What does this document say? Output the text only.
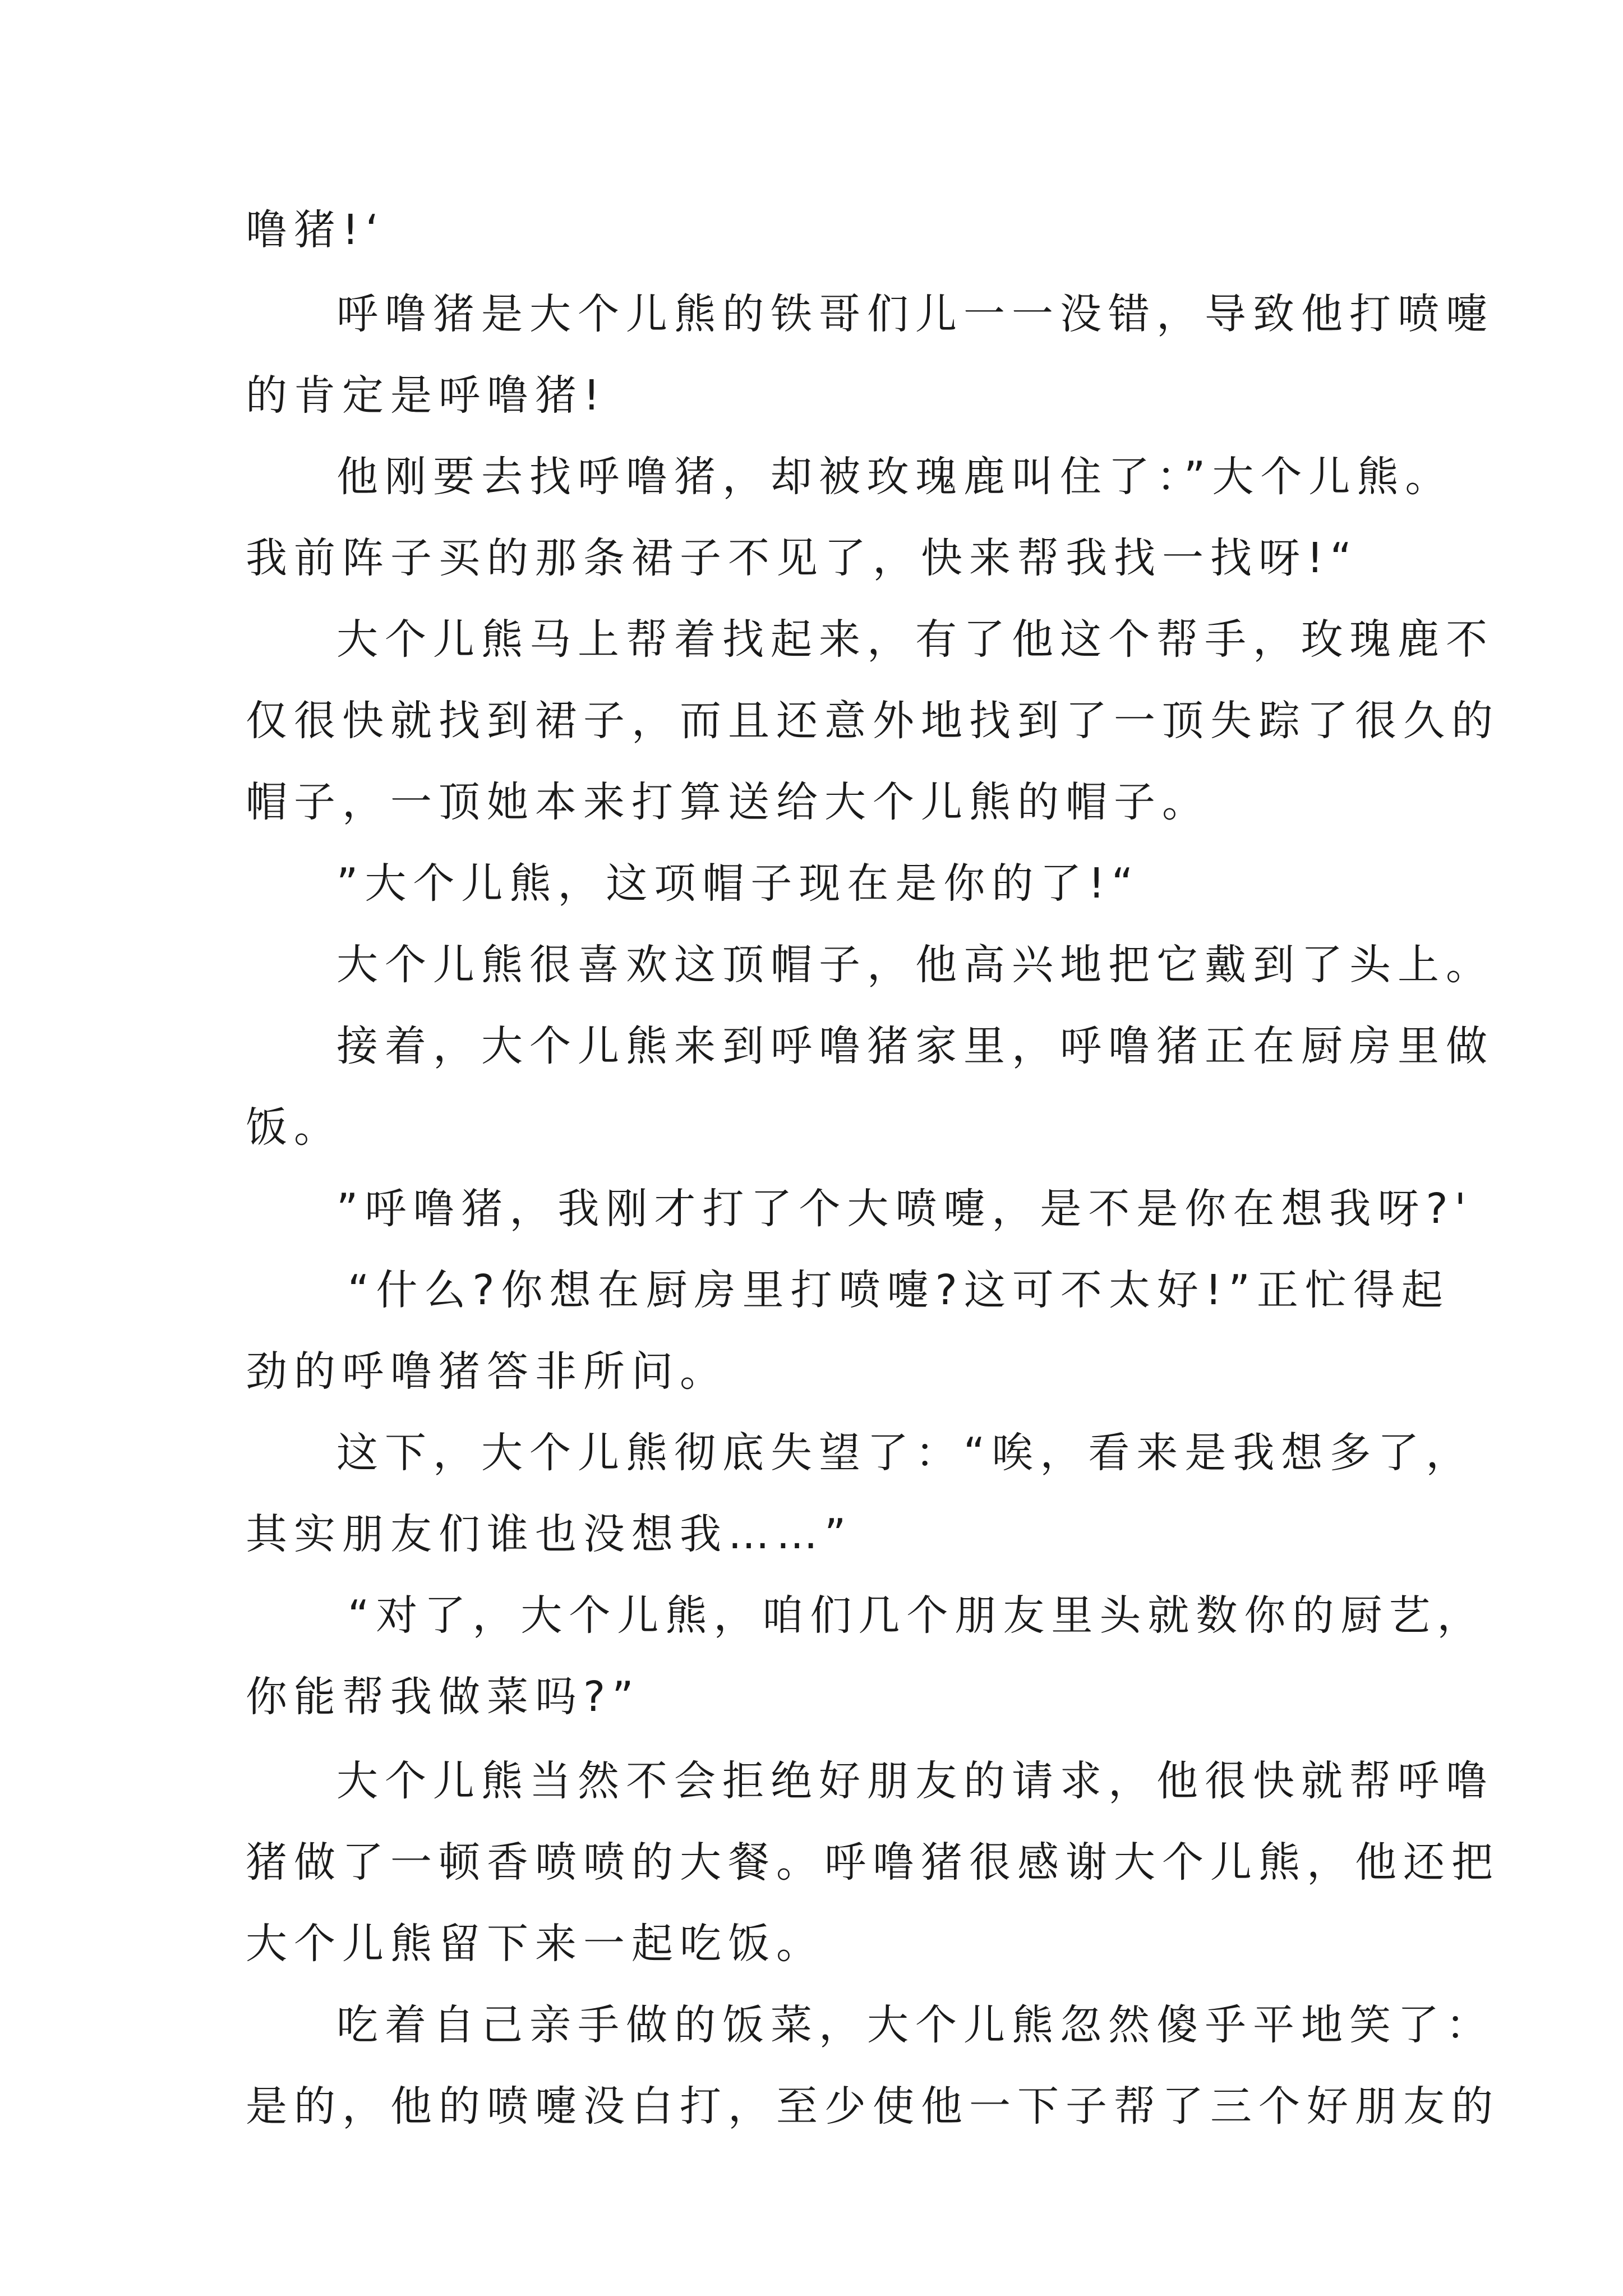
噜猪!‘
呼噜猪是大个儿熊的铁哥们儿一一没错，导致他打喷嚏
的肯定是呼噜猪!
他刚要去找呼噜猪，却被玫瑰鹿叫住了：”大个儿熊。
我前阵子买的那条裙子不见了，快来帮我找一找呀!“
大个儿熊马上帮着找起来，有了他这个帮手，玫瑰鹿不
仅很快就找到裙子，而且还意外地找到了一顶失踪了很久的
帽子，一顶她本来打算送给大个儿熊的帽子。
”大个儿熊，这项帽子现在是你的了!“
大个儿熊很喜欢这顶帽子，他高兴地把它戴到了头上。
接着，大个儿熊来到呼噜猪家里，呼噜猪正在厨房里做
饭。
”呼噜猪，我刚才打了个大喷嚏，是不是你在想我呀?'
“什么?你想在厨房里打喷嚏?这可不太好!”正忙得起
劲的呼噜猪答非所问。
这下，大个儿熊彻底失望了：“唉，看来是我想多了，
其实朋友们谁也没想我……”
“对了，大个儿熊，咱们几个朋友里头就数你的厨艺，
你能帮我做菜吗?”
大个儿熊当然不会拒绝好朋友的请求，他很快就帮呼噜
猪做了一顿香喷喷的大餐。呼噜猪很感谢大个儿熊，他还把
大个儿熊留下来一起吃饭。
吃着自己亲手做的饭菜，大个儿熊忽然傻乎平地笑了：
是的，他的喷嚏没白打，至少使他一下子帮了三个好朋友的
